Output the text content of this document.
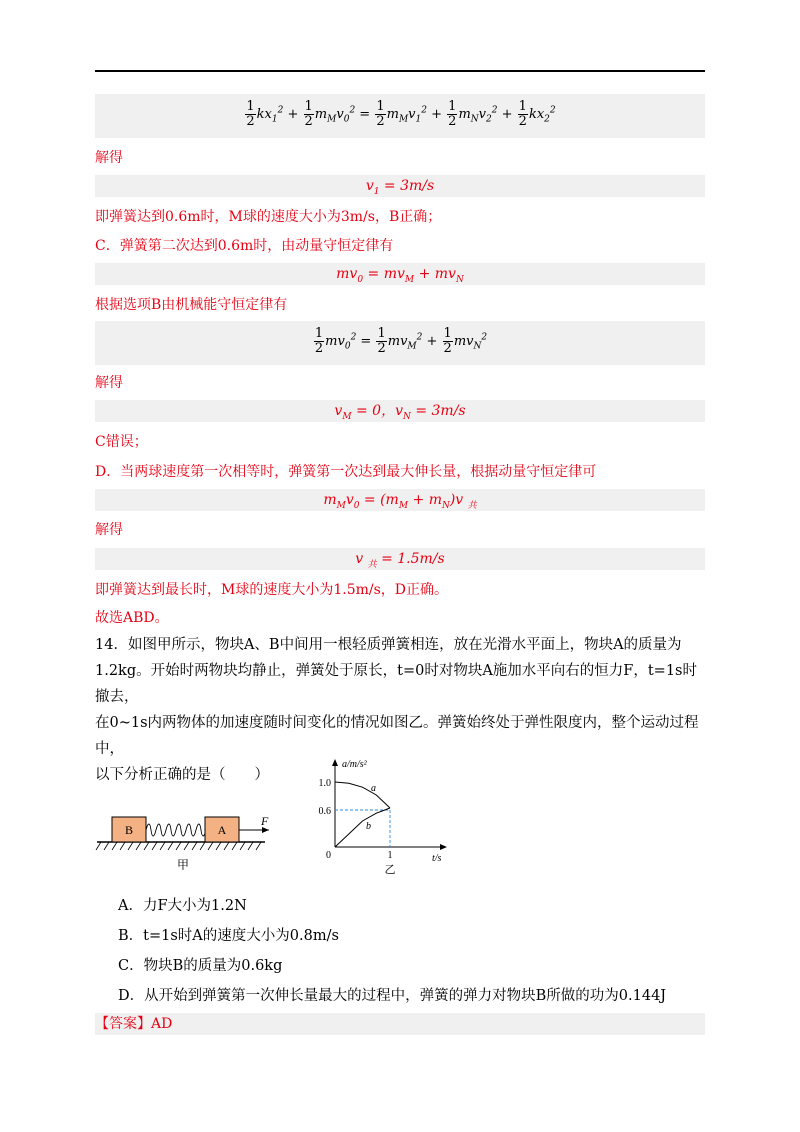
$\frac{1}{2} kx_1^2 + \frac{1}{2} m_Mv_0^2 = \frac{1}{2} m_Mv_1^2 + \frac{1}{2} m_Nv_2^2 + \frac{1}{2} kx_2^2$
解得
$v_1 = 3m/s$
即弹簧达到0.6m时，M球的速度大小为3m/s，B正确；
C．弹簧第二次达到0.6m时，由动量守恒定律有
$mv_0 = mv_M + mv_N$
根据选项B由机械能守恒定律有
$\frac{1}{2} mv_0^2 = \frac{1}{2} mv_M^2 + \frac{1}{2} mv_N^2$
解得
$v_M = 0$，$v_N = 3m/s$
C错误；
D．当两球速度第一次相等时，弹簧第一次达到最大伸长量，根据动量守恒定律可
$m_Mv_0 = (m_M + m_N)v$ $_共$
解得
v $_共$ = 1.5m/s
即弹簧达到最长时，M球的速度大小为1.5m/s，D正确。
故选ABD。
14．如图甲所示，物块A、B中间用一根轻质弹簧相连，放在光滑水平面上，物块A的质量为
1.2kg。开始时两物块均静止，弹簧处于原长，t=0时对物块A施加水平向右的恒力F，t=1s时撤去，
在0~1s内两物体的加速度随时间变化的情况如图乙。弹簧始终处于弹性限度内，整个运动过程中，
以下分析正确的是（　　）
B	A
F
甲
a/m/s²
t/s
1.0
0.6
0	1
a
b
乙
A．力F大小为1.2N
B．t=1s时A的速度大小为0.8m/s
C．物块B的质量为0.6kg
D．从开始到弹簧第一次伸长量最大的过程中，弹簧的弹力对物块B所做的功为0.144J
【答案】AD
